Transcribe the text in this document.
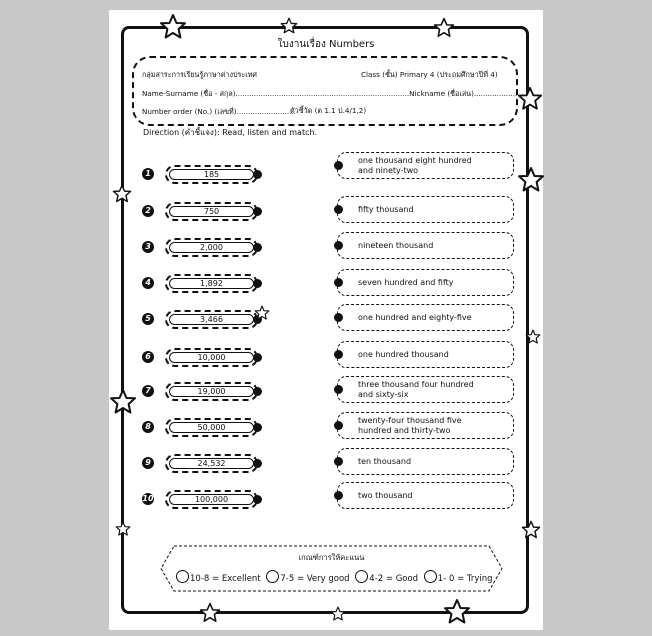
ใบงานเรื่อง Numbers
กลุ่มสาระการเรียนรู้ภาษาต่างประเทศ	Class (ชั้น) Primary 4 (ประถมศึกษาปีที่ 4)
Name-Surname (ชื่อ - สกุล)............................................................................Nickname (ชื่อเล่น).....................
Number order (No.) (เลขที่)..........................
ตัวชี้วัด (ต 1.1 ป.4/1,2)
Direction (คำชี้แจง): Read, listen and match.
1	185
2	750
3	2,000
4	1,892
5	3,466
6	10,000
7	19,000
8	50,000
9	24,532
10	100,000
one thousand eight hundred
and ninety-two
fifty thousand
nineteen thousand
seven hundred and fifty
one hundred and eighty-five
one hundred thousand
three thousand four hundred
and sixty-six
twenty-four thousand five
hundred and thirty-two
ten thousand
two thousand
เกณฑ์การให้คะแนน
10-8 = Excellent 7-5 = Very good 4-2 = Good 1- 0 = Trying
